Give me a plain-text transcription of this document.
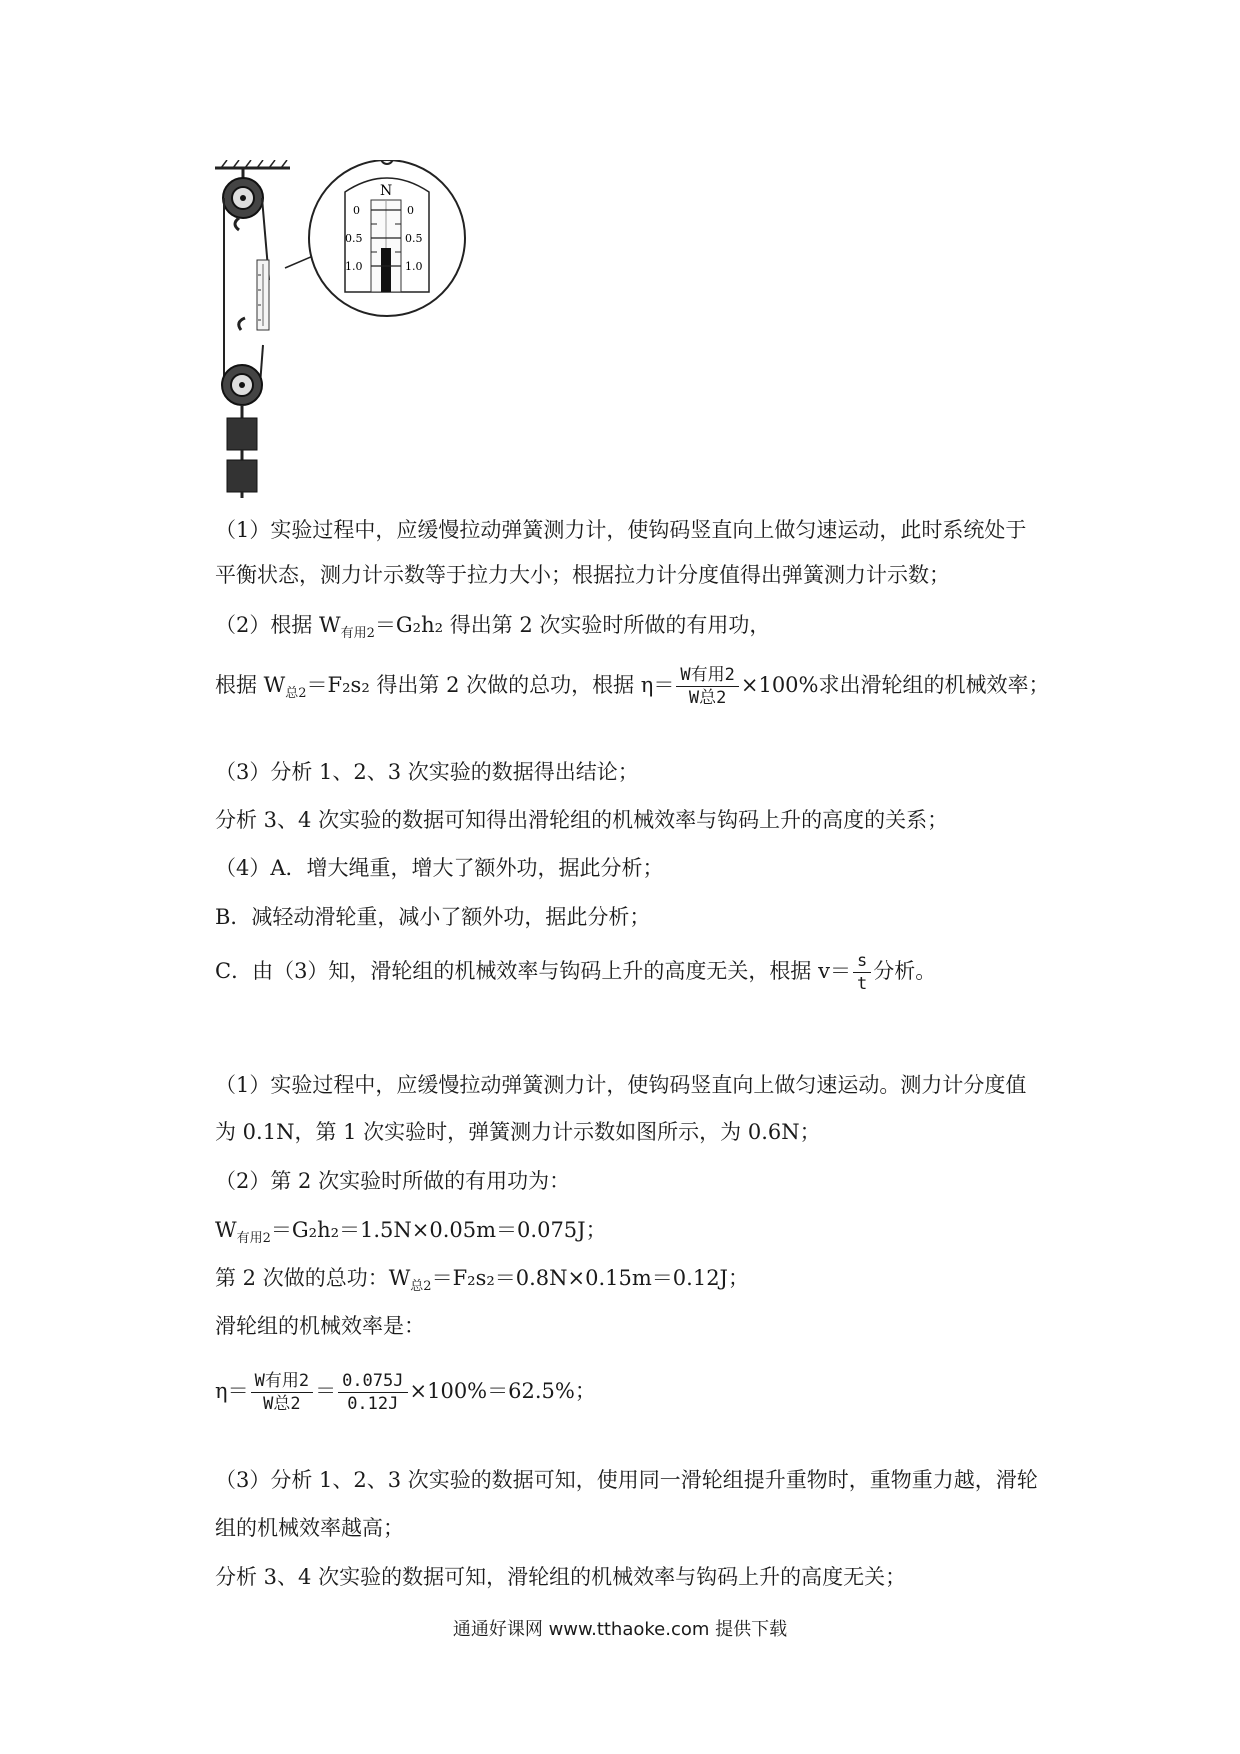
N
0	0
0.5	0.5
1.0	1.0
（1）实验过程中，应缓慢拉动弹簧测力计，使钩码竖直向上做匀速运动，此时系统处于
平衡状态，测力计示数等于拉力大小；根据拉力计分度值得出弹簧测力计示数；
（2）根据 $W_{有用2}=G_2h_2$ 得出第 2 次实验时所做的有用功，
根据 $W_{总2}=F_2s_2$ 得出第 2 次做的总功，根据 $\eta= \frac{\text{W有用2}}{\text{W总2}} \times 100\%$求出滑轮组的机械效率；
（3）分析 1、2、3 次实验的数据得出结论；
分析 3、4 次实验的数据可知得出滑轮组的机械效率与钩码上升的高度的关系；
（4）A．增大绳重，增大了额外功，据此分析；
B．减轻动滑轮重，减小了额外功，据此分析；
C．由（3）知，滑轮组的机械效率与钩码上升的高度无关，根据 $v= \frac{s}{t}$ 分析。
（1）实验过程中，应缓慢拉动弹簧测力计，使钩码竖直向上做匀速运动。测力计分度值
为 0.1N，第 1 次实验时，弹簧测力计示数如图所示，为 0.6N；
（2）第 2 次实验时所做的有用功为：
$W_{有用2}=G_2h_2=1.5N\times 0.05m=0.075J$；
第 2 次做的总功：$W_{总2}=F_2s_2=0.8N\times 0.15m=0.12J$；
滑轮组的机械效率是：
$\eta= \frac{\text{W有用2}}{\text{W总2}} = \frac{0.075J}{0.12J} \times 100\%=62.5\%$；
（3）分析 1、2、3 次实验的数据可知，使用同一滑轮组提升重物时，重物重力越，滑轮
组的机械效率越高；
分析 3、4 次实验的数据可知，滑轮组的机械效率与钩码上升的高度无关；
通通好课网 www.tthaoke.com 提供下载
